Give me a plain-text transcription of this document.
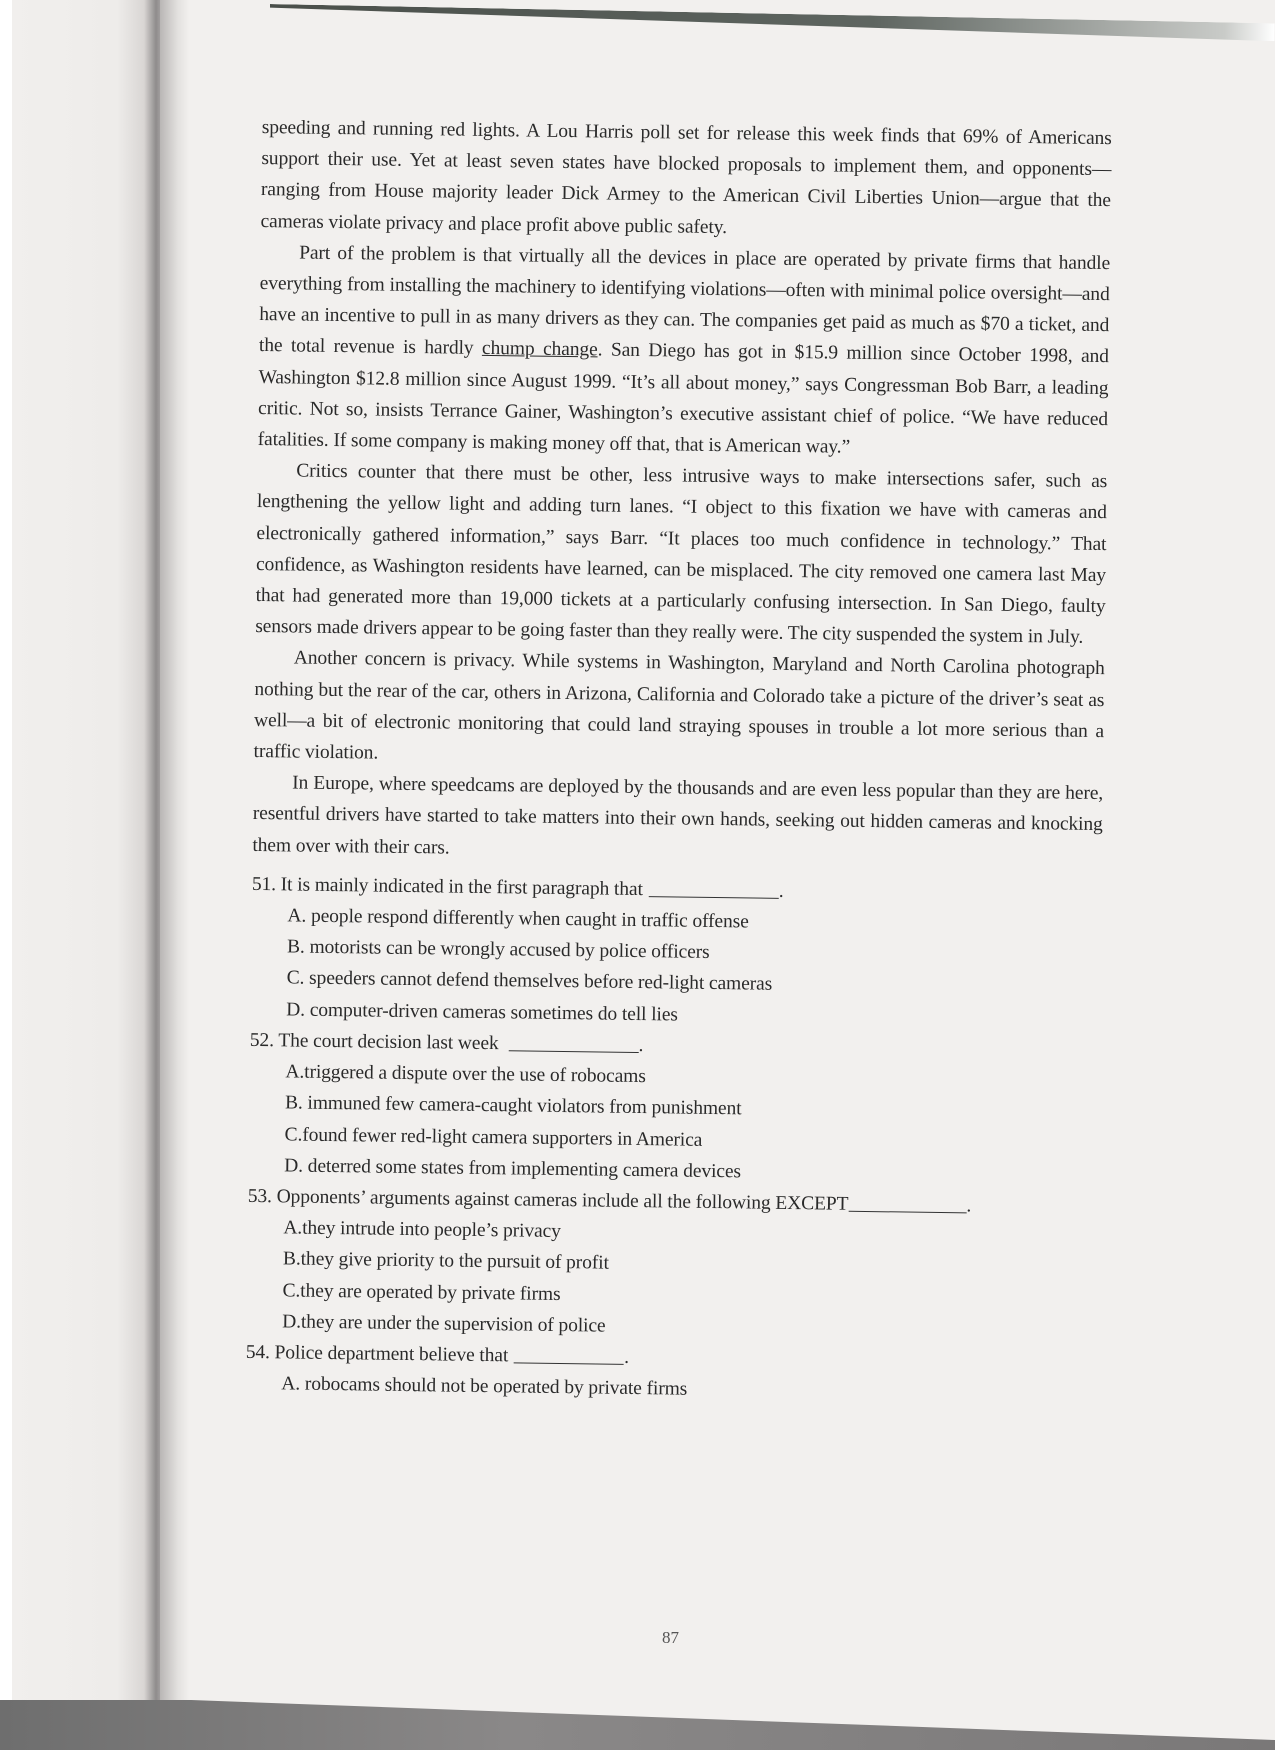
speeding and running red lights. A Lou Harris poll set for release this week finds that 69% of Americans support their use. Yet at least seven states have blocked proposals to implement them, and opponents—ranging from House majority leader Dick Armey to the American Civil Liberties Union—argue that the cameras violate privacy and place profit above public safety.

Part of the problem is that virtually all the devices in place are operated by private firms that handle everything from installing the machinery to identifying violations—often with minimal police oversight—and have an incentive to pull in as many drivers as they can. The companies get paid as much as $70 a ticket, and the total revenue is hardly chump change. San Diego has got in $15.9 million since October 1998, and Washington $12.8 million since August 1999. “It’s all about money,” says Congressman Bob Barr, a leading critic. Not so, insists Terrance Gainer, Washington’s executive assistant chief of police. “We have reduced fatalities. If some company is making money off that, that is American way.”

Critics counter that there must be other, less intrusive ways to make intersections safer, such as lengthening the yellow light and adding turn lanes. “I object to this fixation we have with cameras and electronically gathered information,” says Barr. “It places too much confidence in technology.” That confidence, as Washington residents have learned, can be misplaced. The city removed one camera last May that had generated more than 19,000 tickets at a particularly confusing intersection. In San Diego, faulty sensors made drivers appear to be going faster than they really were. The city suspended the system in July.

Another concern is privacy. While systems in Washington, Maryland and North Carolina photograph nothing but the rear of the car, others in Arizona, California and Colorado take a picture of the driver’s seat as well—a bit of electronic monitoring that could land straying spouses in trouble a lot more serious than a traffic violation.

In Europe, where speedcams are deployed by the thousands and are even less popular than they are here, resentful drivers have started to take matters into their own hands, seeking out hidden cameras and knocking them over with their cars.

51. It is mainly indicated in the first paragraph that	.

A. people respond differently when caught in traffic offense

B. motorists can be wrongly accused by police officers

C. speeders cannot defend themselves before red-light cameras

D. computer-driven cameras sometimes do tell lies

52. The court decision last week	.

A.triggered a dispute over the use of robocams

B. immuned few camera-caught violators from punishment

C.found fewer red-light camera supporters in America

D. deterred some states from implementing camera devices

53. Opponents’ arguments against cameras include all the following EXCEPT	.

A.they intrude into people’s privacy

B.they give priority to the pursuit of profit

C.they are operated by private firms

D.they are under the supervision of police

54. Police department believe that	.

A. robocams should not be operated by private firms

87
